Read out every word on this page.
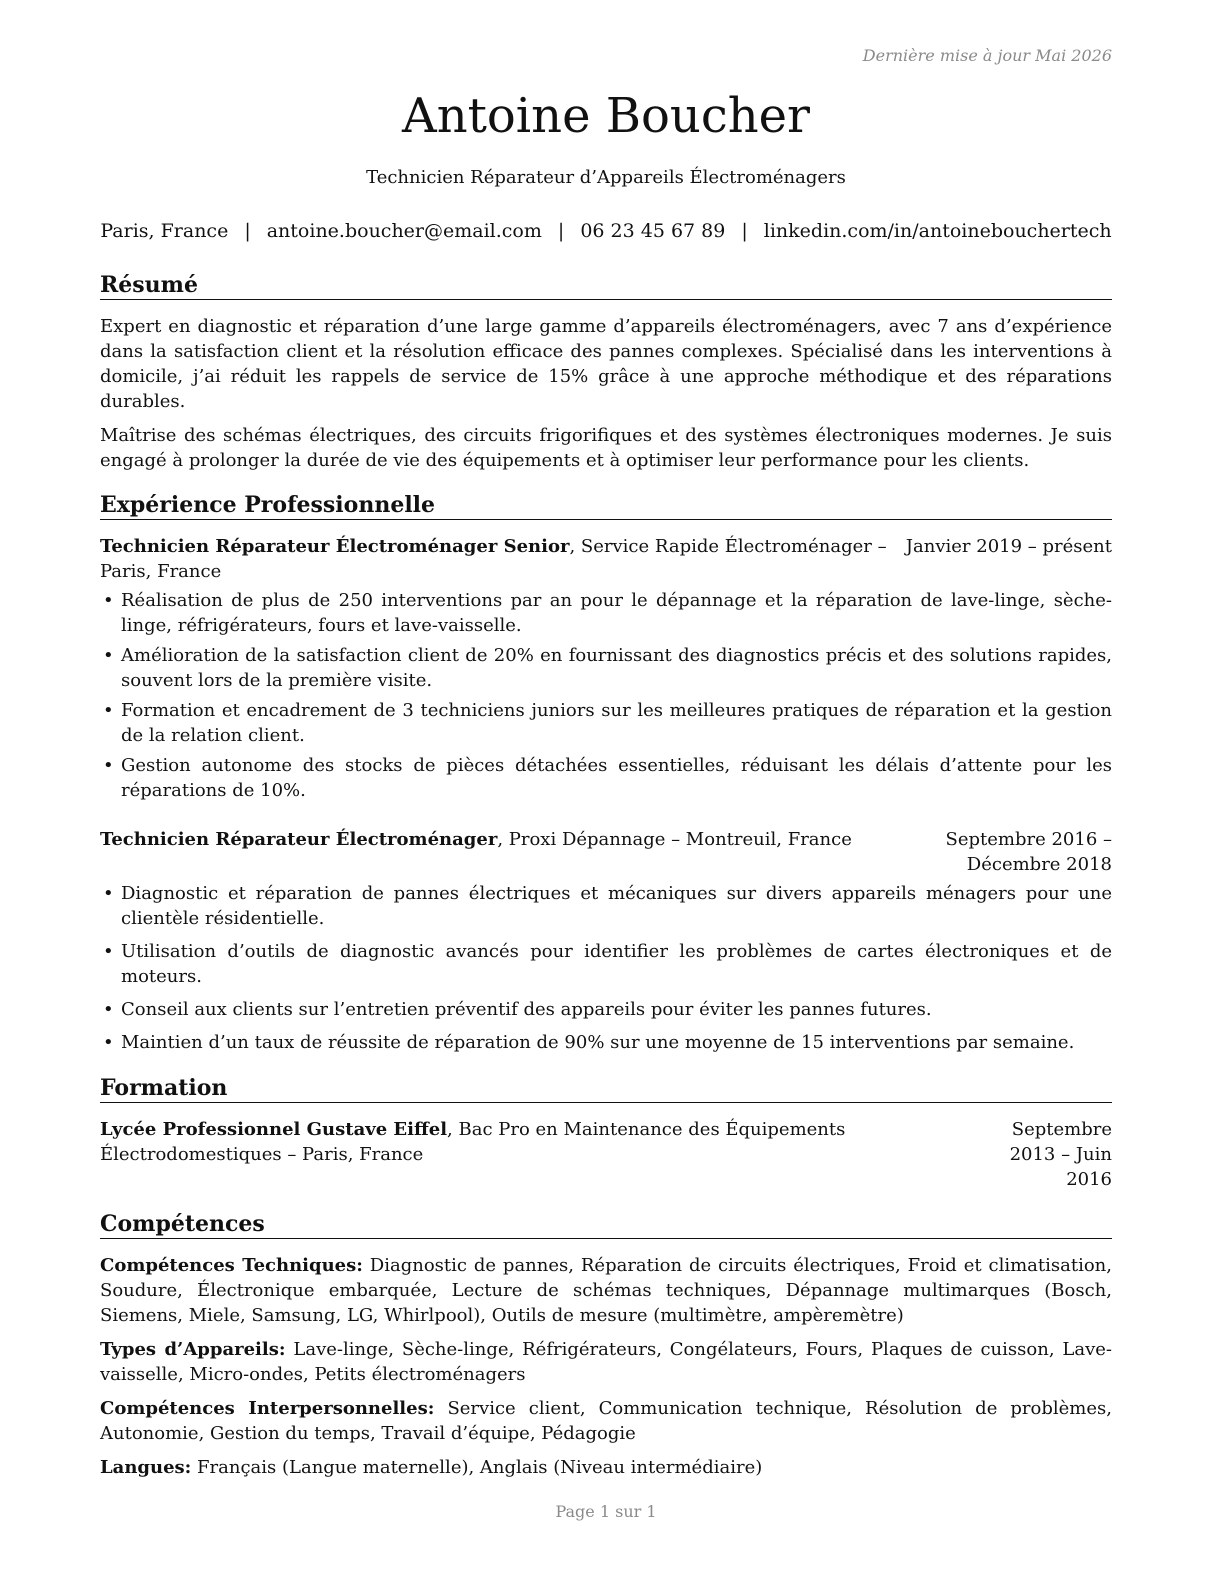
Dernière mise à jour Mai 2026
Antoine Boucher
Technicien Réparateur d’Appareils Électroménagers
Paris, France | antoine.boucher@email.com | 06 23 45 67 89 | linkedin.com/in/antoinebouchertech
Résumé

Expert en diagnostic et réparation d’une large gamme d’appareils électroménagers, avec 7 ans d’expérience dans la satisfaction client et la résolution efficace des pannes complexes. Spécialisé dans les interventions à domicile, j’ai réduit les rappels de service de 15% grâce à une approche méthodique et des réparations durables.

Maîtrise des schémas électriques, des circuits frigorifiques et des systèmes électroniques modernes. Je suis engagé à prolonger la durée de vie des équipements et à optimiser leur performance pour les clients.

Expérience Professionnelle
Technicien Réparateur Électroménager Senior, Service Rapide Électroménager – Paris, France
Janvier 2019 – présent
• Réalisation de plus de 250 interventions par an pour le dépannage et la réparation de lave-linge, sèche-linge, réfrigérateurs, fours et lave-vaisselle.
• Amélioration de la satisfaction client de 20% en fournissant des diagnostics précis et des solutions rapides, souvent lors de la première visite.
• Formation et encadrement de 3 techniciens juniors sur les meilleures pratiques de réparation et la gestion de la relation client.
• Gestion autonome des stocks de pièces détachées essentielles, réduisant les délais d’attente pour les réparations de 10%.
Technicien Réparateur Électroménager, Proxi Dépannage – Montreuil, France	Septembre 2016 – Décembre 2018
• Diagnostic et réparation de pannes électriques et mécaniques sur divers appareils ménagers pour une clientèle résidentielle.
• Utilisation d’outils de diagnostic avancés pour identifier les problèmes de cartes électroniques et de moteurs.
• Conseil aux clients sur l’entretien préventif des appareils pour éviter les pannes futures.
• Maintien d’un taux de réussite de réparation de 90% sur une moyenne de 15 interventions par semaine.
Formation
Lycée Professionnel Gustave Eiffel, Bac Pro en Maintenance des Équipements Électrodomestiques – Paris, France
Septembre 2013 – Juin 2016
Compétences

Compétences Techniques: Diagnostic de pannes, Réparation de circuits électriques, Froid et climatisation, Soudure, Électronique embarquée, Lecture de schémas techniques, Dépannage multimarques (Bosch, Siemens, Miele, Samsung, LG, Whirlpool), Outils de mesure (multimètre, ampèremètre)

Types d’Appareils: Lave-linge, Sèche-linge, Réfrigérateurs, Congélateurs, Fours, Plaques de cuisson, Lave-vaisselle, Micro-ondes, Petits électroménagers

Compétences Interpersonnelles: Service client, Communication technique, Résolution de problèmes, Autonomie, Gestion du temps, Travail d’équipe, Pédagogie

Langues: Français (Langue maternelle), Anglais (Niveau intermédiaire)

Page 1 sur 1
